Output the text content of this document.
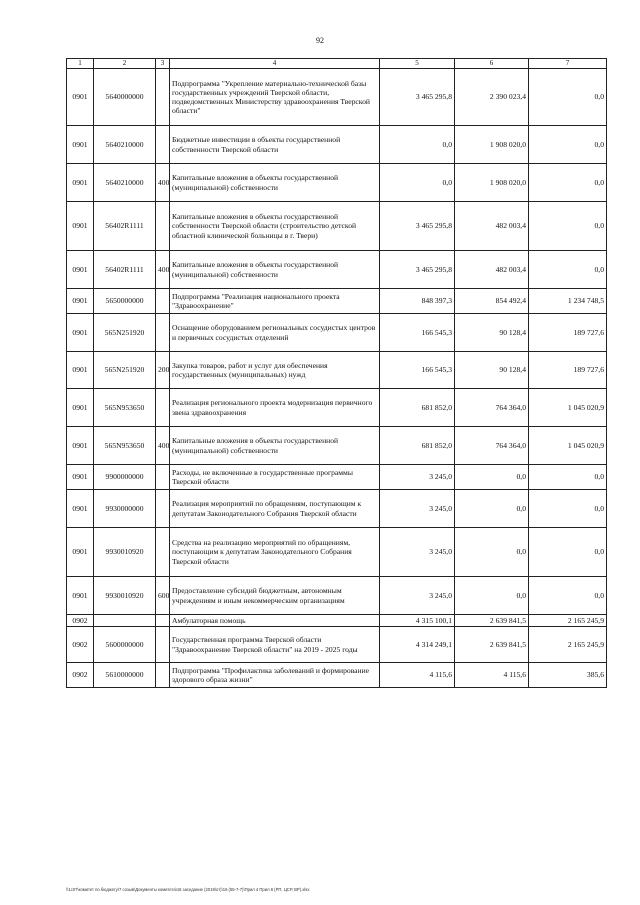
92
1	2	3	4	5	6	7
0901	5640000000		Подпрограмма "Укрепление материально-технической базы государственных учреждений Тверской области, подведомственных Министерству здравоохранения Тверской области"	3 465 295,8	2 390 023,4	0,0
0901	5640210000		Бюджетные инвестиции в объекты государственной собственности Тверской области	0,0	1 908 020,0	0,0
0901	5640210000	400	Капитальные вложения в объекты государственной (муниципальной) собственности	0,0	1 908 020,0	0,0
0901	56402R1111		Капитальные вложения в объекты государственной собственности Тверской области (строительство детской областной клинической больницы в г. Твери)	3 465 295,8	482 003,4	0,0
0901	56402R1111	400	Капитальные вложения в объекты государственной (муниципальной) собственности	3 465 295,8	482 003,4	0,0
0901	5650000000		Подпрограмма "Реализация национального проекта "Здравоохранение"	848 397,3	854 492,4	1 234 748,5
0901	565N251920		Оснащение оборудованием региональных сосудистых центров и первичных сосудистых отделений	166 545,3	90 128,4	189 727,6
0901	565N251920	200	Закупка товаров, работ и услуг для обеспечения государственных (муниципальных) нужд	166 545,3	90 128,4	189 727,6
0901	565N953650		Реализация регионального проекта модернизация первичного звена здравоохранения	681 852,0	764 364,0	1 045 020,9
0901	565N953650	400	Капитальные вложения в объекты государственной (муниципальной) собственности	681 852,0	764 364,0	1 045 020,9
0901	9900000000		Расходы, не включенные в государственные программы Тверской области	3 245,0	0,0	0,0
0901	9930000000		Реализация мероприятий по обращениям, поступающим к депутатам Законодательного Собрания Тверской области	3 245,0	0,0	0,0
0901	9930010920		Средства на реализацию мероприятий по обращениям, поступающим к депутатам Законодательного Собрания Тверской области	3 245,0	0,0	0,0
0901	9930010920	600	Предоставление субсидий бюджетным, автономным учреждениям и иным некоммерческим организациям	3 245,0	0,0	0,0
0902			Амбулаторная помощь	4 315 100,1	2 639 841,5	2 165 245,9
0902	5600000000		Государственная программа Тверской области "Здравоохранение Тверской области" на 2019 - 2025 годы	4 314 249,1	2 639 841,5	2 165 245,9
0902	5610000000		Подпрограмма "Профилактика заболеваний и формирование здорового образа жизни"	4 115,6	4 115,6	385,6
\\1c07\комитет по бюджету\7 созыв\Документы комитета\16 заседание (2019\от)\16 (55-7-7)\Прил 4 Прил 8 (РП, ЦСР, ВР).xlsx
